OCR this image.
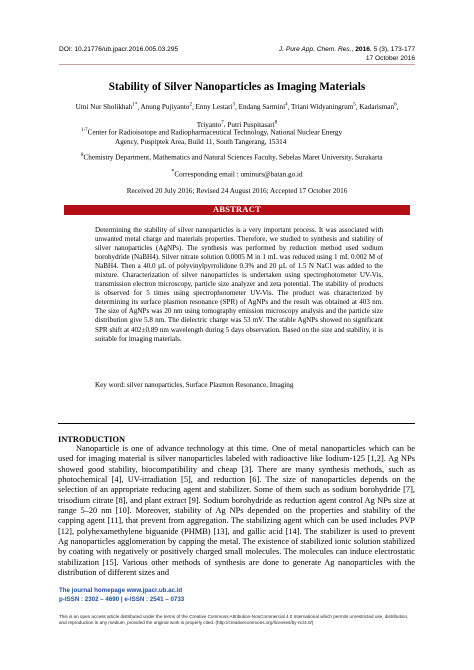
DOI: 10.21776/ub.jpacr.2016.005.03.295	J. Pure App. Chem. Res., 2016, 5 (3), 173-177
17 October 2016
Stability of Silver Nanoparticles as Imaging Materials
Umi Nur Sholikhah$^{1*}$, Anung Pujiyanto$^2$, Enny Lestari$^3$, Endang Sarmini$^4$, Triani Widyaningrum$^5$, Kadarisman$^6$,
Triyanto$^7$, Putri Puspitasari$^8$
$^{1-7}$Center for Radioisotope and Radiopharmaceutical Technology, National Nuclear Energy
Agency, Puspiptek Area, Build 11, South Tangerang, 15314
$^8$Chemistry Department, Mathematics and Natural Sciences Faculty, Sebelas Maret University, Surakarta
*Corresponding email : uminurs@batan.go.id
Received 20 July 2016; Revised 24 August 2016; Accepted 17 October 2016
ABSTRACT
Determining the stability of silver nanoparticles is a very important process. It was associated with unwanted metal charge and materials properties. Therefore, we studied to synthesis and stability of silver nanoparticles (AgNPs). The synthesis was performed by reduction method used sodium borohydride (NaBH4). Silver nitrate solution 0.0005 M in 1 mL was reduced using 1 mL 0.002 M of NaBH4. Then a 40.0 µL of polyvinylpyrrolidone 0.3% and 20 µL of 1.5 N NaCl was added to the mixture. Characterization of silver nanoparticles is undertaken using spectrophotometer UV-Vis, transmission electron microscopy, particle size analyzer and zeta potential. The stability of products is observed for 5 times using spectrophotometer UV-Vis. The product was characterized by determining its surface plasmon resonance (SPR) of AgNPs and the result was obtained at 403 nm. The size of AgNPs was 20 nm using tomography emission microscopy analysis and the particle size distribution give 5.8 nm. The dielectric charge was 53 mV. The stable AgNPs showed no significant SPR shift at 402±0.89 nm wavelength during 5 days observation. Based on the size and stability, it is suitable for imaging materials.
Key word: silver nanoparticles, Surface Plasmon Resonance, Imaging
INTRODUCTION
Nanoparticle is one of advance technology at this time. One of metal nanoparticles which can be used for imaging material is silver nanoparticles labeled with radioactive like Iodium-125 [1,2]. Ag NPs showed good stability, biocompatibility and cheap [3]. There are many synthesis methods, such as photochemical [4], UV-irradiation [5], and reduction [6]. The size of nanoparticles depends on the selection of an appropriate reducing agent and stabilizer. Some of them such as sodium borohydride [7], trisodium citrate [8], and plant extract [9]. Sodium borohydride as reduction agent control Ag NPs size at range 5–20 nm [10]. Moreover, stability of Ag NPs depended on the properties and stability of the capping agent [11], that prevent from aggregation. The stabilizing agent which can be used includes PVP [12], polyhexamethylene biguanide (PHMB) [13], and gallic acid [14]. The stabilizer is used to prevent Ag nanoparticles agglomeration by capping the metal. The existence of stabilized ionic solution stabilized by coating with negatively or positively charged small molecules. The molecules can induce electrostatic stabilization [15]. Various other methods of synthesis are done to generate Ag nanoparticles with the distribution of different sizes and
The journal homepage www.jpacr.ub.ac.id
p-ISSN : 2302 – 4690 | e-ISSN : 2541 – 0733
This is an open access article distributed under the terms of the Creative Commons Attribution-NonCommercial 4.0 International which permits unrestricted use, distribution, and reproduction in any medium, provided the original work is properly cited. (http://creativecommons.org/licenses/by-nc/4.0/)
